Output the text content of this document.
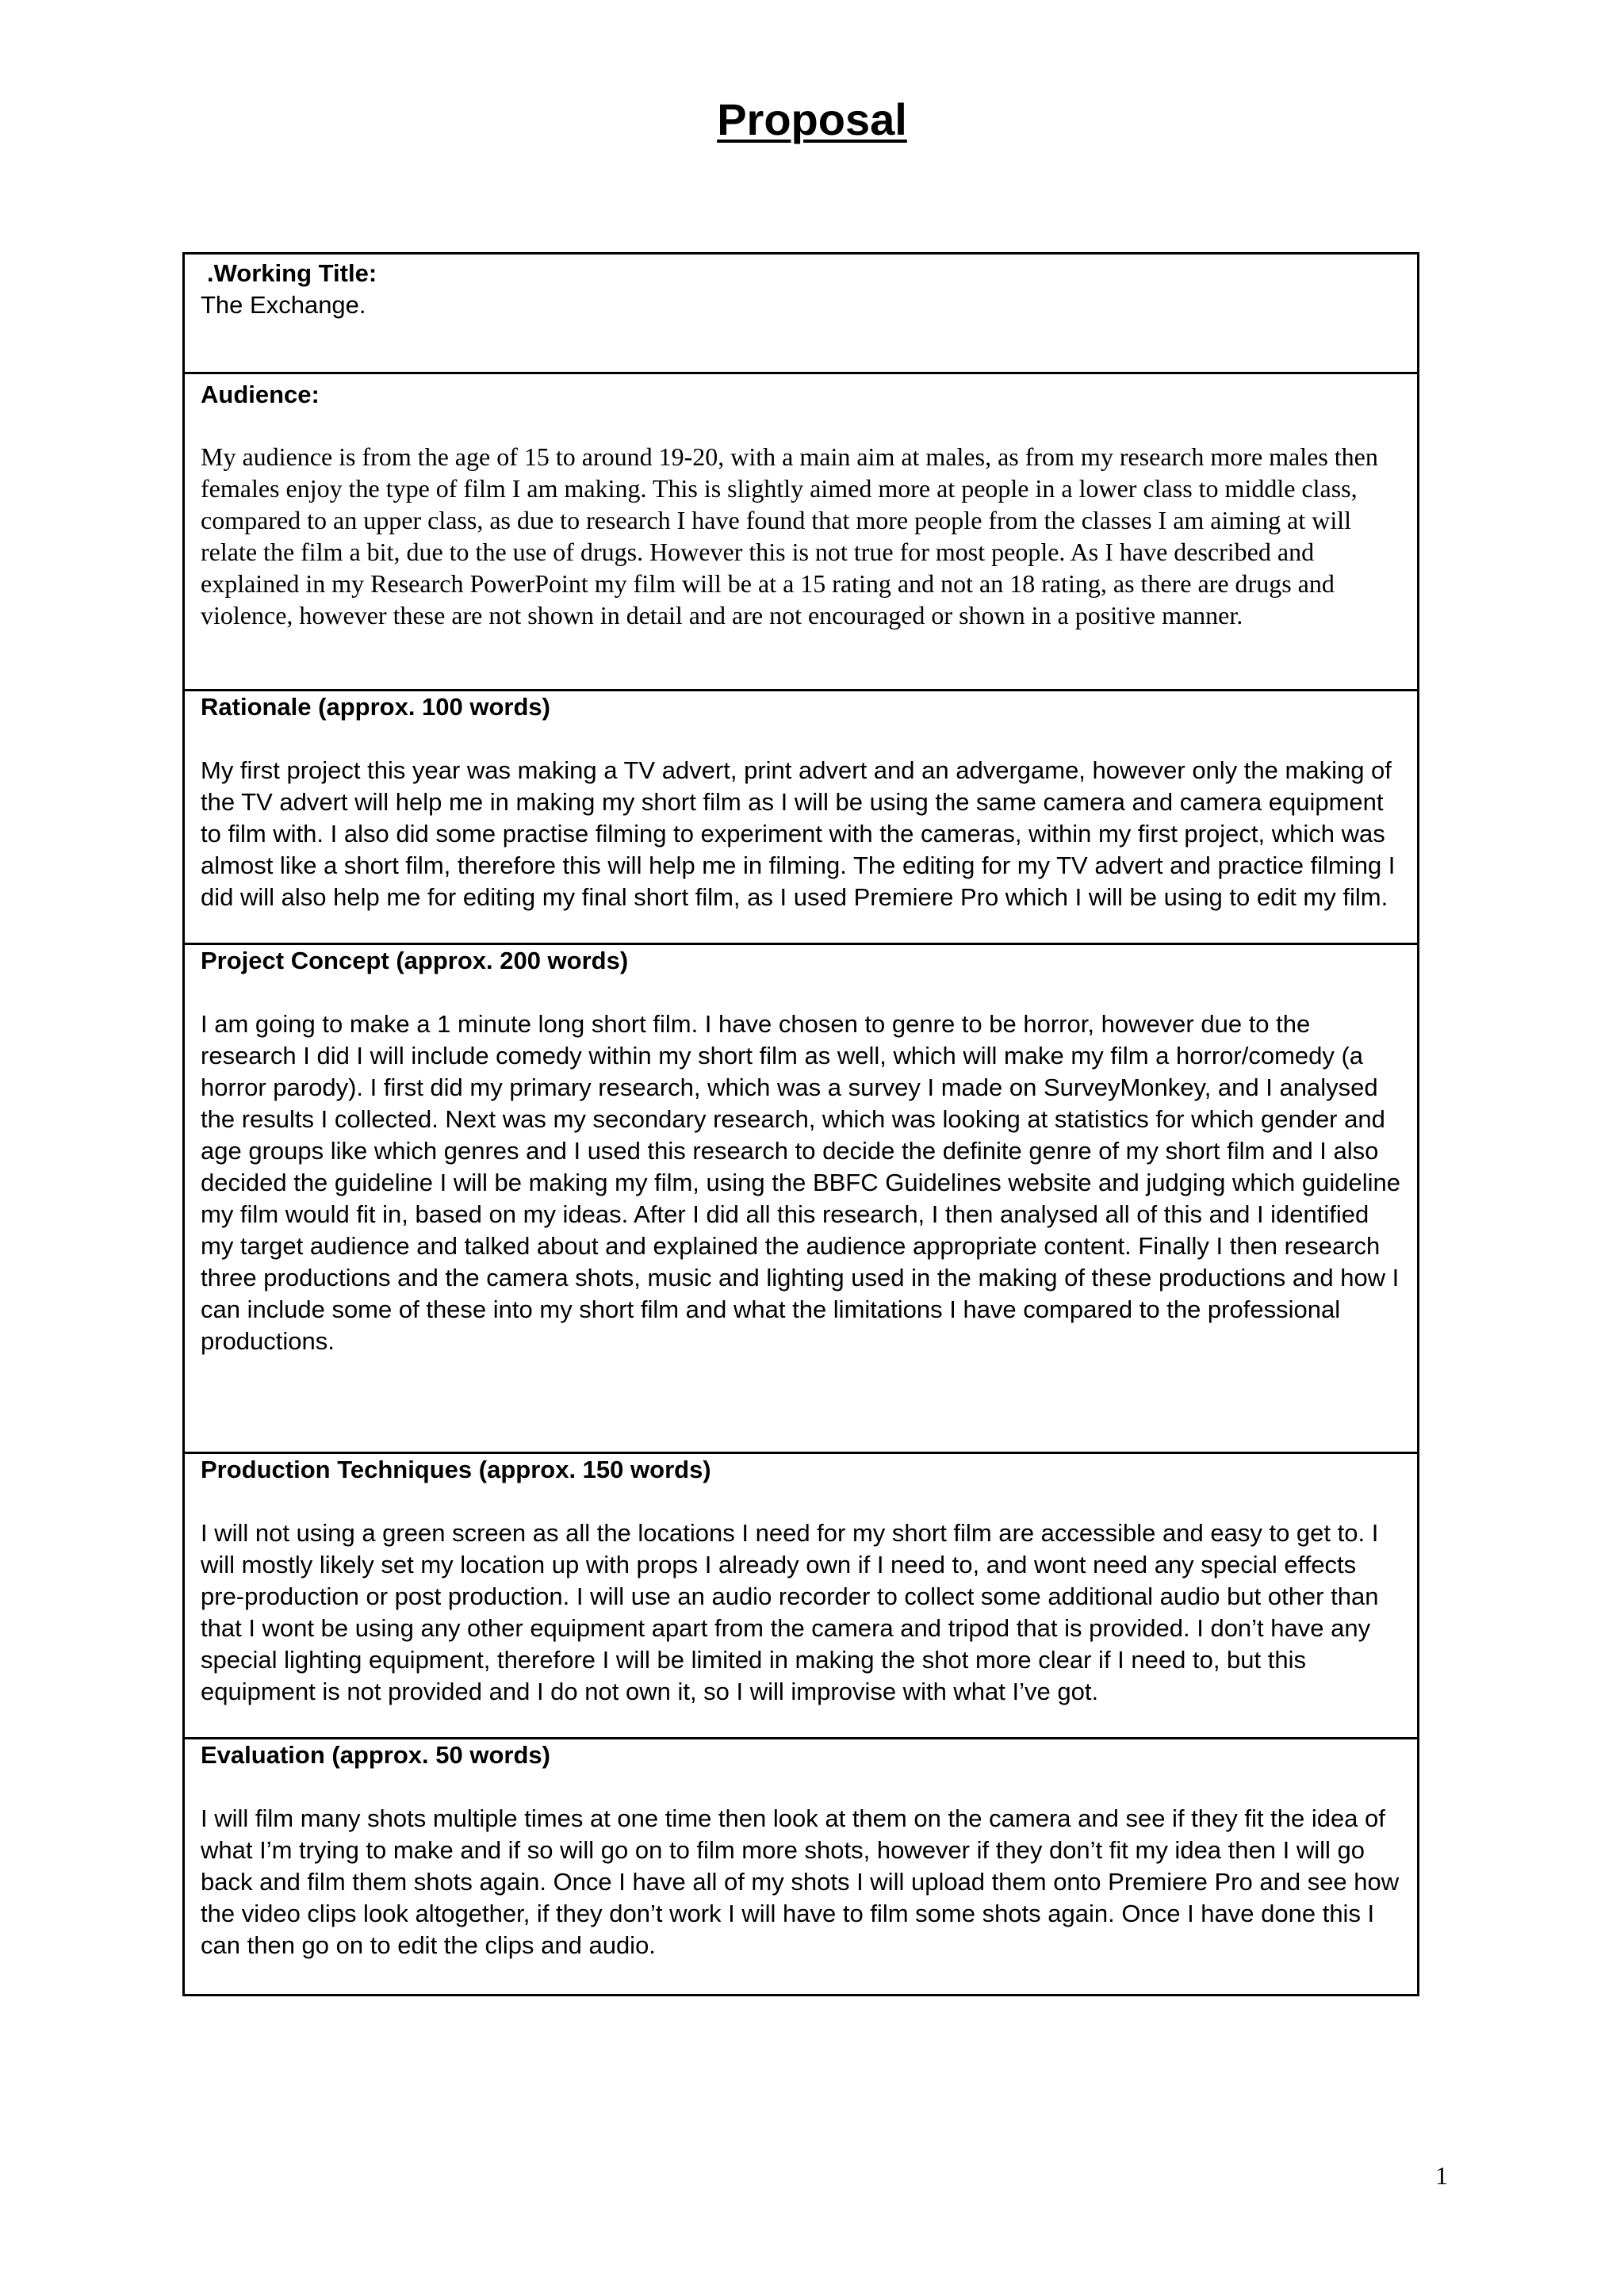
Proposal
.Working Title:
The Exchange.
Audience:
My audience is from the age of 15 to around 19-20, with a main aim at males, as from my research more males then females enjoy the type of film I am making. This is slightly aimed more at people in a lower class to middle class, compared to an upper class, as due to research I have found that more people from the classes I am aiming at will relate the film a bit, due to the use of drugs. However this is not true for most people. As I have described and explained in my Research PowerPoint my film will be at a 15 rating and not an 18 rating, as there are drugs and violence, however these are not shown in detail and are not encouraged or shown in a positive manner.
Rationale (approx. 100 words)
My first project this year was making a TV advert, print advert and an advergame, however only the making of the TV advert will help me in making my short film as I will be using the same camera and camera equipment to film with. I also did some practise filming to experiment with the cameras, within my first project, which was almost like a short film, therefore this will help me in filming. The editing for my TV advert and practice filming I did will also help me for editing my final short film, as I used Premiere Pro which I will be using to edit my film.
Project Concept (approx. 200 words)
I am going to make a 1 minute long short film. I have chosen to genre to be horror, however due to the research I did I will include comedy within my short film as well, which will make my film a horror/comedy (a horror parody). I first did my primary research, which was a survey I made on SurveyMonkey, and I analysed the results I collected. Next was my secondary research, which was looking at statistics for which gender and age groups like which genres and I used this research to decide the definite genre of my short film and I also decided the guideline I will be making my film, using the BBFC Guidelines website and judging which guideline my film would fit in, based on my ideas. After I did all this research, I then analysed all of this and I identified my target audience and talked about and explained the audience appropriate content. Finally I then research three productions and the camera shots, music and lighting used in the making of these productions and how I can include some of these into my short film and what the limitations I have compared to the professional productions.
Production Techniques (approx. 150 words)
I will not using a green screen as all the locations I need for my short film are accessible and easy to get to. I will mostly likely set my location up with props I already own if I need to, and wont need any special effects pre-production or post production. I will use an audio recorder to collect some additional audio but other than that I wont be using any other equipment apart from the camera and tripod that is provided. I don’t have any special lighting equipment, therefore I will be limited in making the shot more clear if I need to, but this equipment is not provided and I do not own it, so I will improvise with what I’ve got.
Evaluation (approx. 50 words)
I will film many shots multiple times at one time then look at them on the camera and see if they fit the idea of what I’m trying to make and if so will go on to film more shots, however if they don’t fit my idea then I will go back and film them shots again. Once I have all of my shots I will upload them onto Premiere Pro and see how the video clips look altogether, if they don’t work I will have to film some shots again. Once I have done this I can then go on to edit the clips and audio.
1
